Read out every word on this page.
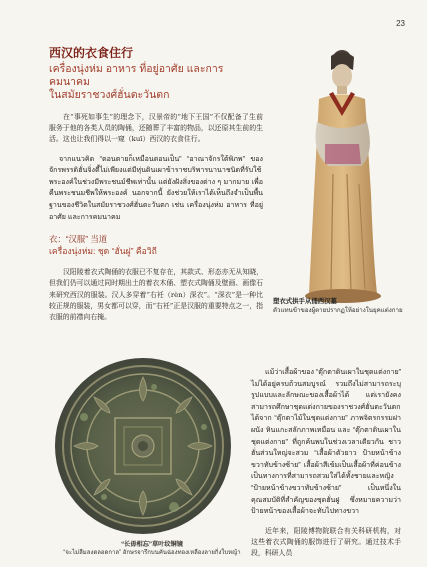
23
西汉的衣食住行
เครื่องนุ่งห่ม อาหาร ที่อยู่อาศัย และการคมนาคม
ในสมัยราชวงศ์ฮั่นตะวันตก

在“事死如事生”的理念下，汉景帝的“地下王国”不仅配备了生前服务于他的各类人员的陶俑，还随葬了丰富的物品，以还原其生前的生活。这也让我们得以一窥（kuī）西汉的衣食住行。

จากแนวคิด “ตอนตายก็เหมือนตอนเป็น” “อาณาจักรใต้พิภพ” ของจักรพรรดิฮั่นจิ่งตี้ไม่เพียงแต่มีหุ่นดินเผาข้าราชบริพารนานาชนิดที่รับใช้พระองค์ในช่วงมีพระชนม์ชีพเท่านั้น แต่ยังฝังสิ่งของต่าง ๆ มากมาย เพื่อคืนพระชนมชีพให้พระองค์ นอกจากนี้ ยังช่วยให้เราได้เห็นถึงจำเป็นพื้นฐานของชีวิตในสมัยราชวงศ์ฮั่นตะวันตก เช่น เครื่องนุ่งห่ม อาหาร ที่อยู่อาศัย และการคมนาคม

衣：“汉服” 当道
เครื่องนุ่งห่ม: ชุด “ฮั่นฝู” คือวิถี

汉阳陵着衣式陶俑的衣服已不复存在，其款式、形态亦无从知晓，但我们仍可以通过同时期出土的着衣木俑、塑衣式陶俑及壁画、画像石来研究西汉的服装。汉人多穿着“右衽（rèn）深衣”。“深衣”是一种比较正规的服装，男女都可以穿，而“右衽”正是汉服的重要特点之一，指衣服的前襟向右掩。

塑衣式拱手从俑西汉墓
ตัวแทนข้าของผู้ตายปรากฏให้อย่างในยุคแต่งกาย
“长毋相忘”草叶纹铜镜
“จะไม่ลืมลงตลอดกาล” อักษรจารึกบนคันฉ่องทองเหลืองลายกิ่งใบหญ้า

แม้ว่าเสื้อผ้าของ “ตุ๊กตาดินเผาในชุดแต่งกาย” ไม่ได้อยู่ครบถ้วนสมบูรณ์ รวมถึงไม่สามารถระบุรูปแบบและลักษณะของเสื้อผ้าได้ แต่เรายังคงสามารถศึกษาชุดแต่งกายของราชวงศ์ฮั่นตะวันตกได้จาก “ตุ๊กตาไม้ในชุดแต่งกาย” ภาพจิตรกรรมฝาผนัง หินแกะสลักภาพเหมือน และ “ตุ๊กตาดินเผาในชุดแต่งกาย” ที่ถูกค้นพบในช่วงเวลาเดียวกัน ชาวฮั่นส่วนใหญ่จะสวม “เสื้อผ้าตัวยาว ป้ายหน้าข้างขวาทับข้างซ้าย” เสื้อผ้าสีเข้มเป็นเสื้อผ้าที่ค่อนข้างเป็นทางการที่สามารถสวมใส่ได้ทั้งชายและหญิง “ป้ายหน้าข้างขวาทับข้างซ้าย” เป็นหนึ่งในคุณสมบัติที่สำคัญของชุดฮั่นฝู ซึ่งหมายความว่าป้ายหน้าของเสื้อผ้าจะทับไปทางขวา

近年来，阳陵博物院联合有关科研机构，对这些着衣式陶俑的服饰进行了研究。通过技术手段，科研人员
